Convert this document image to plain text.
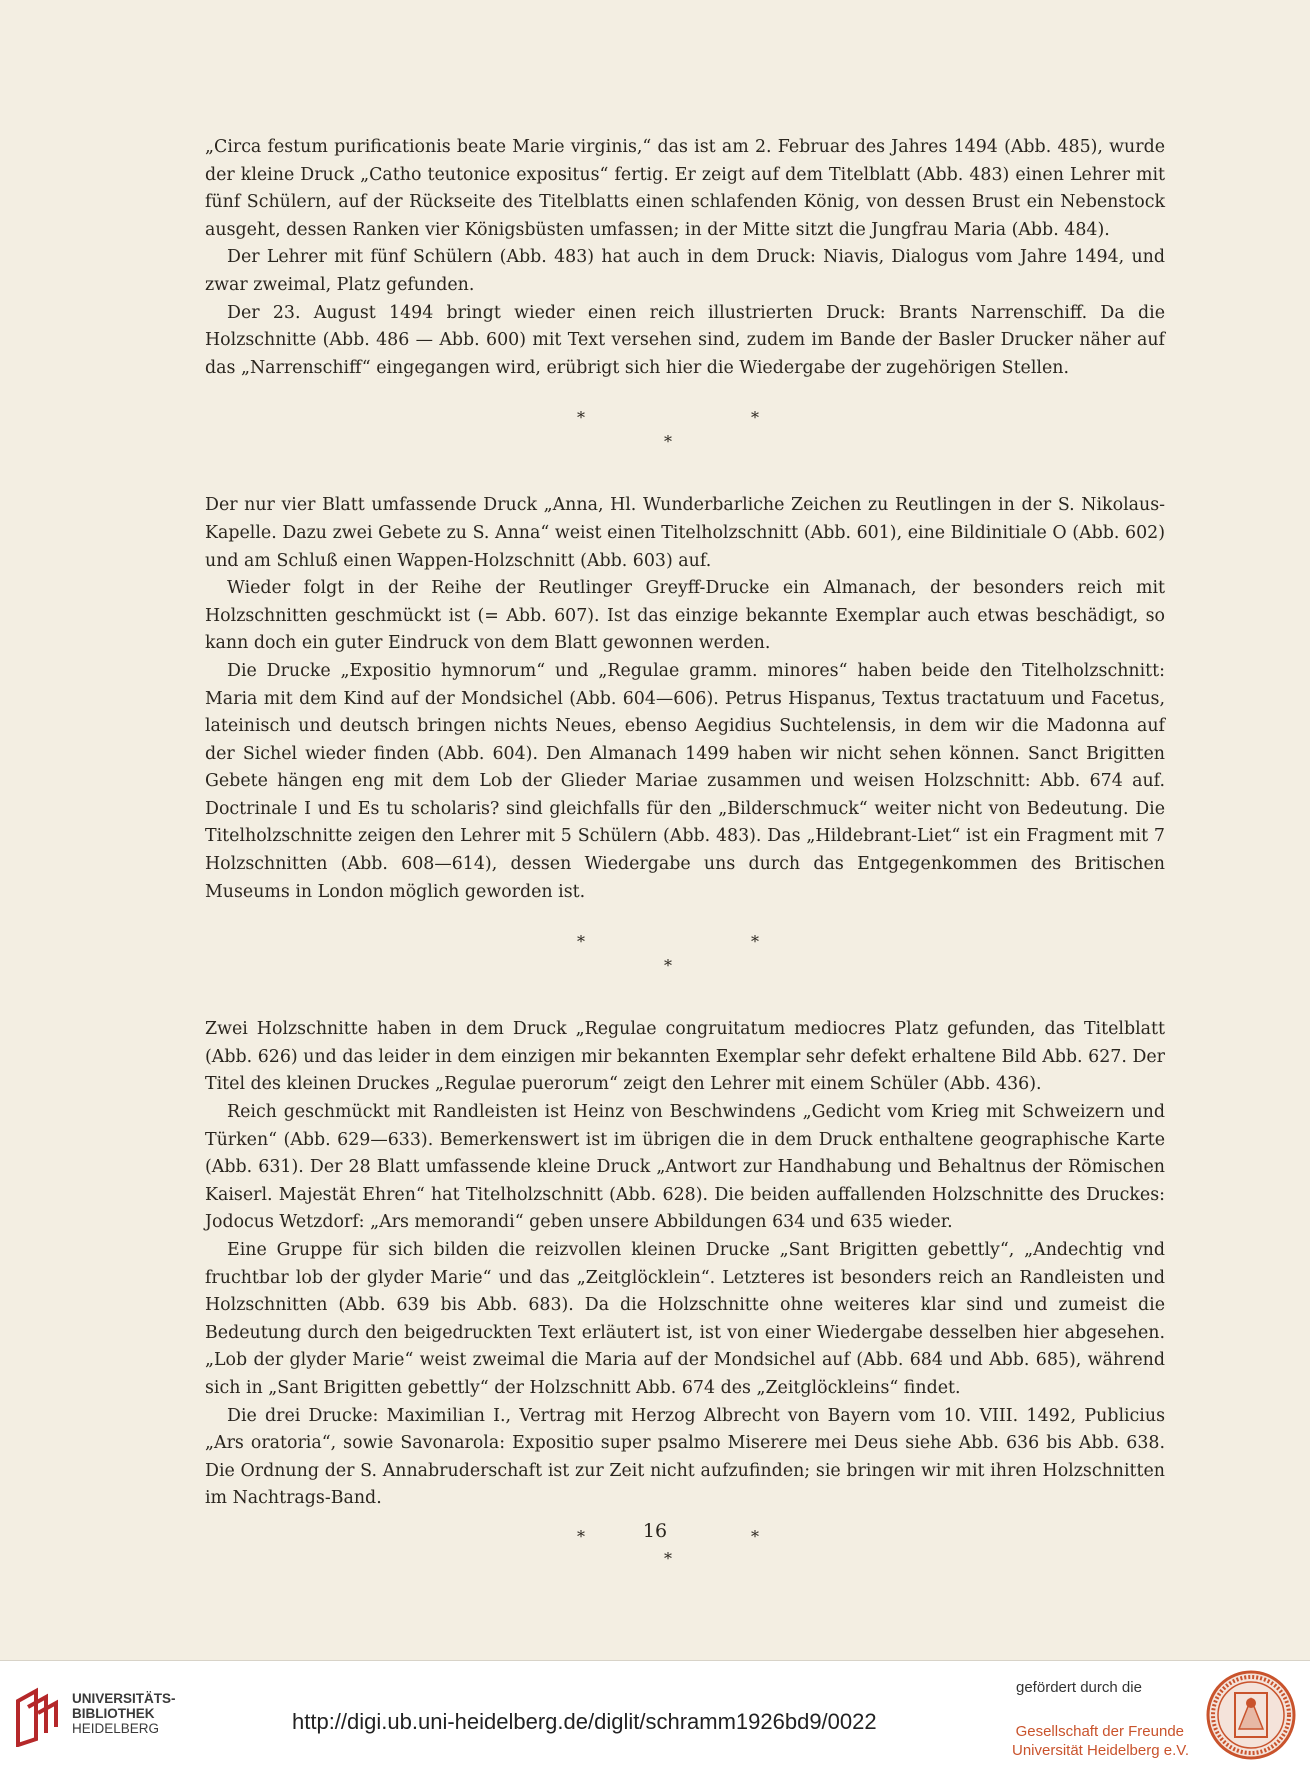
„Circa festum purificationis beate Marie virginis,“ das ist am 2. Februar des Jahres 1494 (Abb. 485), wurde der kleine Druck „Catho teutonice expositus“ fertig. Er zeigt auf dem Titelblatt (Abb. 483) einen Lehrer mit fünf Schülern, auf der Rückseite des Titelblatts einen schlafenden König, von dessen Brust ein Nebenstock ausgeht, dessen Ranken vier Königsbüsten umfassen; in der Mitte sitzt die Jungfrau Maria (Abb. 484).

Der Lehrer mit fünf Schülern (Abb. 483) hat auch in dem Druck: Niavis, Dialogus vom Jahre 1494, und zwar zweimal, Platz gefunden.

Der 23. August 1494 bringt wieder einen reich illustrierten Druck: Brants Narrenschiff. Da die Holzschnitte (Abb. 486 — Abb. 600) mit Text versehen sind, zudem im Bande der Basler Drucker näher auf das „Narrenschiff“ eingegangen wird, erübrigt sich hier die Wiedergabe der zugehörigen Stellen.

*	*
*

Der nur vier Blatt umfassende Druck „Anna, Hl. Wunderbarliche Zeichen zu Reutlingen in der S. Nikolaus-Kapelle. Dazu zwei Gebete zu S. Anna“ weist einen Titelholzschnitt (Abb. 601), eine Bildinitiale O (Abb. 602) und am Schluß einen Wappen-Holzschnitt (Abb. 603) auf.

Wieder folgt in der Reihe der Reutlinger Greyff-Drucke ein Almanach, der besonders reich mit Holzschnitten geschmückt ist (= Abb. 607). Ist das einzige bekannte Exemplar auch etwas beschädigt, so kann doch ein guter Eindruck von dem Blatt gewonnen werden.

Die Drucke „Expositio hymnorum“ und „Regulae gramm. minores“ haben beide den Titelholzschnitt: Maria mit dem Kind auf der Mondsichel (Abb. 604—606). Petrus Hispanus, Textus tractatuum und Facetus, lateinisch und deutsch bringen nichts Neues, ebenso Aegidius Suchtelensis, in dem wir die Madonna auf der Sichel wieder finden (Abb. 604). Den Almanach 1499 haben wir nicht sehen können. Sanct Brigitten Gebete hängen eng mit dem Lob der Glieder Mariae zusammen und weisen Holzschnitt: Abb. 674 auf. Doctrinale I und Es tu scholaris? sind gleichfalls für den „Bilderschmuck“ weiter nicht von Bedeutung. Die Titelholzschnitte zeigen den Lehrer mit 5 Schülern (Abb. 483). Das „Hildebrant-Liet“ ist ein Fragment mit 7 Holzschnitten (Abb. 608—614), dessen Wiedergabe uns durch das Entgegenkommen des Britischen Museums in London möglich geworden ist.

*	*
*

Zwei Holzschnitte haben in dem Druck „Regulae congruitatum mediocres Platz gefunden, das Titelblatt (Abb. 626) und das leider in dem einzigen mir bekannten Exemplar sehr defekt erhaltene Bild Abb. 627. Der Titel des kleinen Druckes „Regulae puerorum“ zeigt den Lehrer mit einem Schüler (Abb. 436).

Reich geschmückt mit Randleisten ist Heinz von Beschwindens „Gedicht vom Krieg mit Schweizern und Türken“ (Abb. 629—633). Bemerkenswert ist im übrigen die in dem Druck enthaltene geographische Karte (Abb. 631). Der 28 Blatt umfassende kleine Druck „Antwort zur Handhabung und Behaltnus der Römischen Kaiserl. Majestät Ehren“ hat Titelholzschnitt (Abb. 628). Die beiden auffallenden Holzschnitte des Druckes: Jodocus Wetzdorf: „Ars memorandi“ geben unsere Abbildungen 634 und 635 wieder.

Eine Gruppe für sich bilden die reizvollen kleinen Drucke „Sant Brigitten gebettly“, „Andechtig vnd fruchtbar lob der glyder Marie“ und das „Zeitglöcklein“. Letzteres ist besonders reich an Randleisten und Holzschnitten (Abb. 639 bis Abb. 683). Da die Holzschnitte ohne weiteres klar sind und zumeist die Bedeutung durch den beigedruckten Text erläutert ist, ist von einer Wiedergabe desselben hier abgesehen. „Lob der glyder Marie“ weist zweimal die Maria auf der Mondsichel auf (Abb. 684 und Abb. 685), während sich in „Sant Brigitten gebettly“ der Holzschnitt Abb. 674 des „Zeitglöckleins“ findet.

Die drei Drucke: Maximilian I., Vertrag mit Herzog Albrecht von Bayern vom 10. VIII. 1492, Publicius „Ars oratoria“, sowie Savonarola: Expositio super psalmo Miserere mei Deus siehe Abb. 636 bis Abb. 638. Die Ordnung der S. Annabruderschaft ist zur Zeit nicht aufzufinden; sie bringen wir mit ihren Holzschnitten im Nachtrags-Band.

*	*
*
16
UNIVERSITÄTS-
BIBLIOTHEK
HEIDELBERG	http://digi.ub.uni-heidelberg.de/diglit/schramm1926bd9/0022
gefördert durch die
Gesellschaft der Freunde
Universität Heidelberg e.V.
